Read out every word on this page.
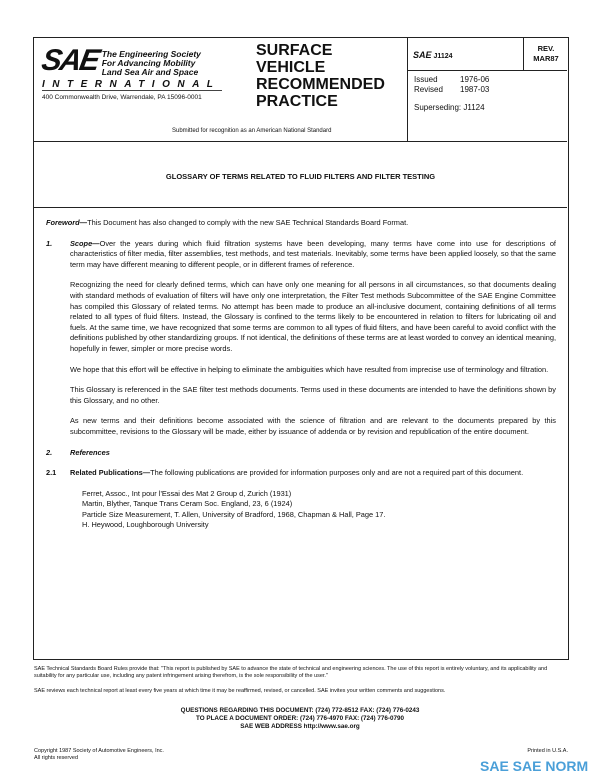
SAEThe Engineering Society
For Advancing Mobility
Land Sea Air and Space
INTERNATIONAL
400 Commonwealth Drive, Warrendale, PA 15096-0001
SURFACE
VEHICLE
RECOMMENDED
PRACTICE
Submitted for recognition as an American National Standard
SAE J1124
REV.
MAR87
Issued	1976-06
Revised 1987-03
Superseding: J1124
GLOSSARY OF TERMS RELATED TO FLUID FILTERS AND FILTER TESTING

Foreword—This Document has also changed to comply with the new SAE Technical Standards Board Format.

1.	Scope—Over the years during which fluid filtration systems have been developing, many terms have come into use for descriptions of characteristics of filter media, filter assemblies, test methods, and test materials. Inevitably, some terms have been applied loosely, so that the same term may have different meaning to different people, or in different frames of reference.

Recognizing the need for clearly defined terms, which can have only one meaning for all persons in all circumstances, so that documents dealing with standard methods of evaluation of filters will have only one interpretation, the Filter Test methods Subcommittee of the SAE Engine Committee has compiled this Glossary of related terms. No attempt has been made to produce an all-inclusive document, containing definitions of all terms related to all types of fluid filters. Instead, the Glossary is confined to the terms likely to be encountered in relation to filters for lubricating oil and fuels. At the same time, we have recognized that some terms are common to all types of fluid filters, and have been careful to avoid conflict with the definitions published by other standardizing groups. If not identical, the definitions of these terms are at least worded to convey an identical meaning, hopefully in fewer, simpler or more precise words.

We hope that this effort will be effective in helping to eliminate the ambiguities which have resulted from imprecise use of terminology and filtration.

This Glossary is referenced in the SAE filter test methods documents. Terms used in these documents are intended to have the definitions shown by this Glossary, and no other.

As new terms and their definitions become associated with the science of filtration and are relevant to the documents prepared by this subcommittee, revisions to the Glossary will be made, either by issuance of addenda or by revision and republication of the entire document.

2.	References

2.1	Related Publications—The following publications are provided for information purposes only and are not a required part of this document.

Ferret, Assoc., Int pour l'Essai des Mat 2 Group d, Zurich (1931)
Martin, Blyther, Tanque Trans Ceram Soc. England, 23, 6 (1924)
Particle Size Measurement, T. Allen, University of Bradford, 1968, Chapman & Hall, Page 17.
H. Heywood, Loughborough University

SAE Technical Standards Board Rules provide that: "This report is published by SAE to advance the state of technical and engineering sciences. The use of this report is entirely voluntary, and its applicability and suitability for any particular use, including any patent infringement arising therefrom, is the sole responsibility of the user."
SAE reviews each technical report at least every five years at which time it may be reaffirmed, revised, or cancelled. SAE invites your written comments and suggestions.
QUESTIONS REGARDING THIS DOCUMENT: (724) 772-8512 FAX: (724) 776-0243
TO PLACE A DOCUMENT ORDER: (724) 776-4970 FAX: (724) 776-0790
SAE WEB ADDRESS http://www.sae.org
Copyright 1987 Society of Automotive Engineers, Inc.
All rights reserved
Printed in U.S.A.
SAE SAE NORM
